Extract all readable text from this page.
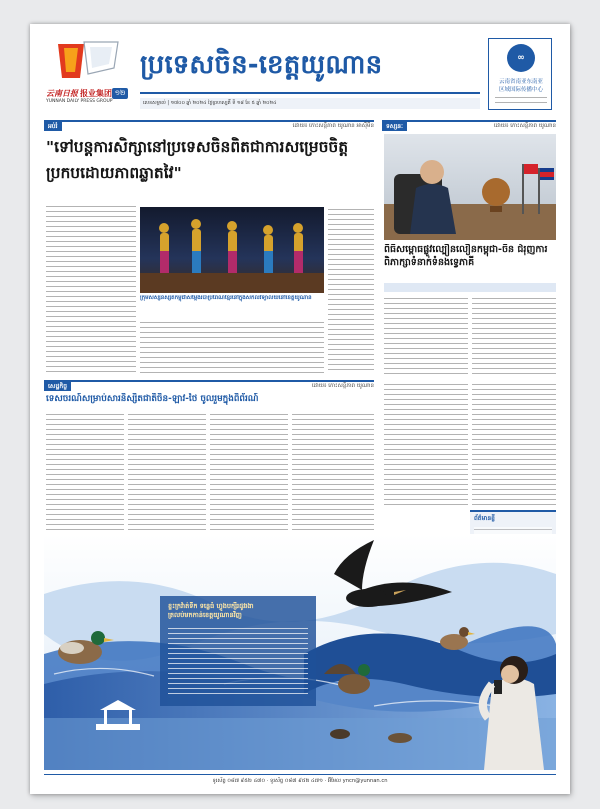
云南日报 报业集团
YUNNAN DAILY PRESS GROUP
១២
ប្រទេសចិន-ខេត្តយូណាន
លេខសម្គាល់ | ១៧០០ ឆ្នាំ ២០២៤ ថ្ងៃព្រហស្បតិ៍ ទី ១៨ ខែ ៥ ឆ្នាំ ២០២៤
∞
云南省南亚东南亚
区域国际传播中心
អប់រំ	ដោយ៖ កោះសន្តិភាព យូណាន អាស៊ីមិន
"ទៅបន្តការសិក្សានៅប្រទេសចិនពិតជាការសម្រេចចិត្តប្រកបដោយភាពឆ្លាតវៃ"
ក្រុមសិស្សនិស្សិតកម្ពុជាសម្តែងរបាំប្រពៃណីខ្មែរនៅក្នុងសកលវិទ្យាល័យនៅខេត្តយូណាន
ទស្សនៈ	ដោយ៖ កោះសន្តិភាព យូណាន
ពិធីសម្ពោធផ្លូវល្បឿនលឿនកម្ពុជា-ចិន ជំរុញការពិភាក្សាទំនាក់ទំនងទ្វេភាគី
សេដ្ឋកិច្ច	ដោយ៖ កោះសន្តិភាព យូណាន
ទេសចរណ៍សម្រាប់សារនិស្សិតជាតិចិន-ឡាវ-ថៃ ចូលរួមក្នុងពិព័រណ៍
ព័ត៌មានខ្លី
ខ្ទះក្រវ៉ាត់ទឹក ទន្លេធំ ហ្វូងបក្សីរដូវរងា
ត្រលប់មកកាន់ខេត្តយូណានវិញ
ទូរស័ព្ទ ០៨៧ ៩៥២ ៤៧០ · ទូរស័ព្ទ ០៨៧ ៩៥២ ៤៧១ · អ៊ីមែល yncn@yunnan.cn
